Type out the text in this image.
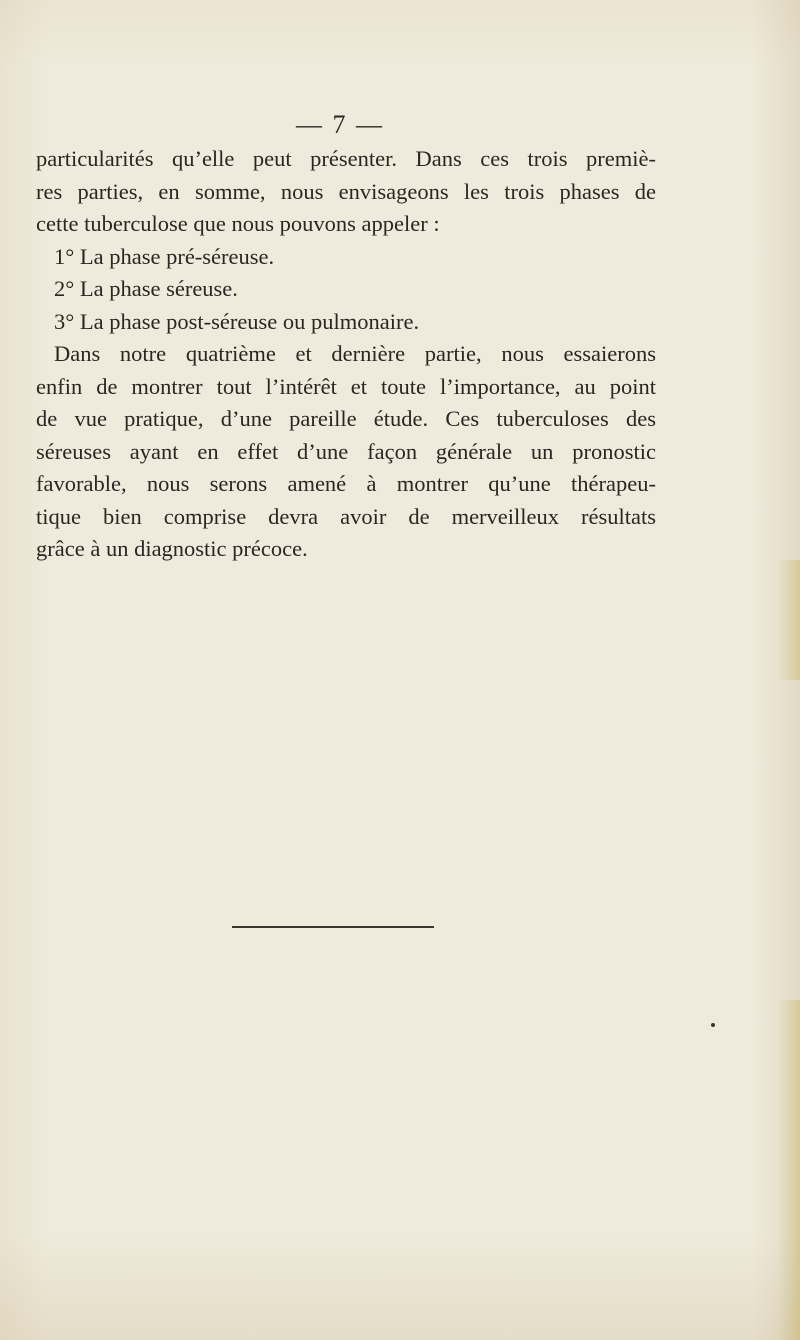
— 7 —
particularités qu’elle peut présenter. Dans ces trois premiè-
res parties, en somme, nous envisageons les trois phases de
cette tuberculose que nous pouvons appeler :
1° La phase pré-séreuse.
2° La phase séreuse.
3° La phase post-séreuse ou pulmonaire.
Dans notre quatrième et dernière partie, nous essaierons
enfin de montrer tout l’intérêt et toute l’importance, au point
de vue pratique, d’une pareille étude. Ces tuberculoses des
séreuses ayant en effet d’une façon générale un pronostic
favorable, nous serons amené à montrer qu’une thérapeu-
tique bien comprise devra avoir de merveilleux résultats
grâce à un diagnostic précoce.
